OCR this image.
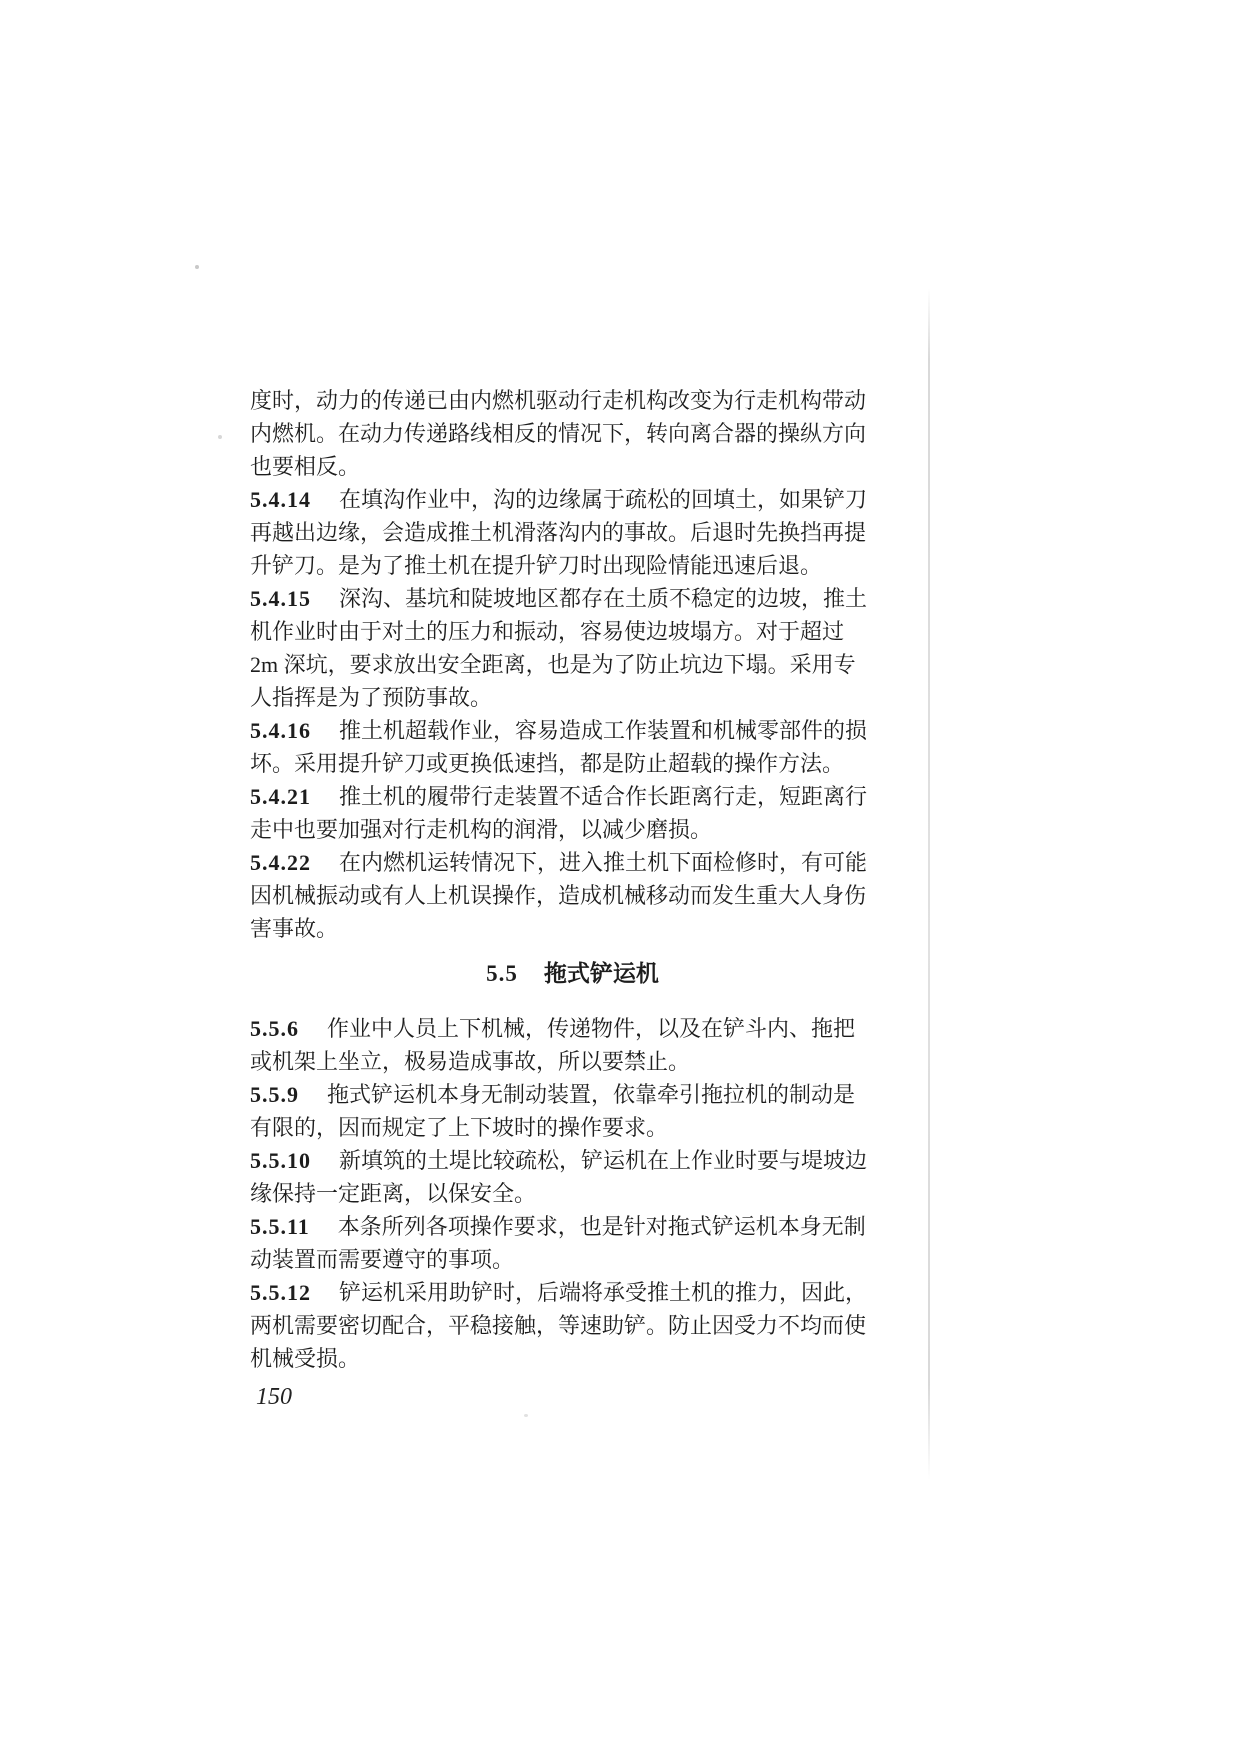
度时，动力的传递已由内燃机驱动行走机构改变为行走机构带动
内燃机。在动力传递路线相反的情况下，转向离合器的操纵方向
也要相反。
5.4.14 在填沟作业中，沟的边缘属于疏松的回填土，如果铲刀
再越出边缘，会造成推土机滑落沟内的事故。后退时先换挡再提
升铲刀。是为了推土机在提升铲刀时出现险情能迅速后退。
5.4.15 深沟、基坑和陡坡地区都存在土质不稳定的边坡，推土
机作业时由于对土的压力和振动，容易使边坡塌方。对于超过
2m 深坑，要求放出安全距离，也是为了防止坑边下塌。采用专
人指挥是为了预防事故。
5.4.16 推土机超载作业，容易造成工作装置和机械零部件的损
坏。采用提升铲刀或更换低速挡，都是防止超载的操作方法。
5.4.21 推土机的履带行走装置不适合作长距离行走，短距离行
走中也要加强对行走机构的润滑，以减少磨损。
5.4.22 在内燃机运转情况下，进入推土机下面检修时，有可能
因机械振动或有人上机误操作，造成机械移动而发生重大人身伤
害事故。
5.5 拖式铲运机
5.5.6 作业中人员上下机械，传递物件，以及在铲斗内、拖把
或机架上坐立，极易造成事故，所以要禁止。
5.5.9 拖式铲运机本身无制动装置，依靠牵引拖拉机的制动是
有限的，因而规定了上下坡时的操作要求。
5.5.10 新填筑的土堤比较疏松，铲运机在上作业时要与堤坡边
缘保持一定距离，以保安全。
5.5.11 本条所列各项操作要求，也是针对拖式铲运机本身无制
动装置而需要遵守的事项。
5.5.12 铲运机采用助铲时，后端将承受推土机的推力，因此，
两机需要密切配合，平稳接触，等速助铲。防止因受力不均而使
机械受损。
150
